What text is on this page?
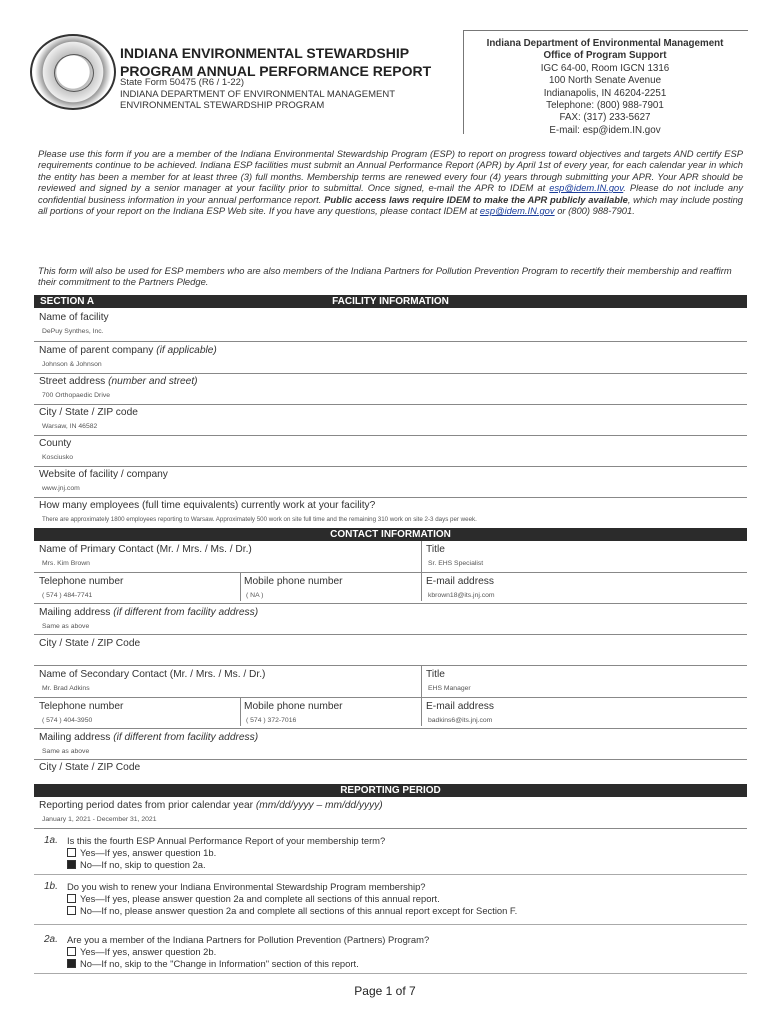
INDIANA ENVIRONMENTAL STEWARDSHIP
PROGRAM ANNUAL PERFORMANCE REPORT
State Form 50475 (R6 / 1-22)
INDIANA DEPARTMENT OF ENVIRONMENTAL MANAGEMENT
ENVIRONMENTAL STEWARDSHIP PROGRAM
Indiana Department of Environmental Management
Office of Program Support
IGC 64-00, Room IGCN 1316
100 North Senate Avenue
Indianapolis, IN 46204-2251
Telephone: (800) 988-7901
FAX: (317) 233-5627
E-mail: esp@idem.IN.gov
Please use this form if you are a member of the Indiana Environmental Stewardship Program (ESP) to report on progress toward objectives and targets AND certify ESP requirements continue to be achieved. Indiana ESP facilities must submit an Annual Performance Report (APR) by April 1st of every year, for each calendar year in which the entity has been a member for at least three (3) full months. Membership terms are renewed every four (4) years through submitting your APR. Your APR should be reviewed and signed by a senior manager at your facility prior to submittal. Once signed, e-mail the APR to IDEM at esp@idem.IN.gov. Please do not include any confidential business information in your annual performance report. Public access laws require IDEM to make the APR publicly available, which may include posting all portions of your report on the Indiana ESP Web site. If you have any questions, please contact IDEM at esp@idem.IN.gov or (800) 988-7901.
This form will also be used for ESP members who are also members of the Indiana Partners for Pollution Prevention Program to recertify their membership and reaffirm their commitment to the Partners Pledge.
FACILITY INFORMATION
SECTION A
Name of facility
DePuy Synthes, Inc.
Name of parent company (if applicable)
Johnson & Johnson
Street address (number and street)
700 Orthopaedic Drive
City / State / ZIP code
Warsaw, IN 46582
County
Kosciusko
Website of facility / company
www.jnj.com
How many employees (full time equivalents) currently work at your facility?
There are approximately 1800 employees reporting to Warsaw. Approximately 500 work on site full time and the remaining 310 work on site 2-3 days per week.
CONTACT INFORMATION
Name of Primary Contact (Mr. / Mrs. / Ms. / Dr.)
Mrs. Kim Brown
Title
Sr. EHS Specialist
Telephone number
( 574 ) 484-7741
Mobile phone number
( NA )
E-mail address
kbrown18@its.jnj.com
Mailing address (if different from facility address)
Same as above
City / State / ZIP Code
Name of Secondary Contact (Mr. / Mrs. / Ms. / Dr.)
Mr. Brad Adkins
Title
EHS Manager
Telephone number
( 574 ) 404-3950
Mobile phone number
( 574 ) 372-7016
E-mail address
badkins6@its.jnj.com
Mailing address (if different from facility address)
Same as above
City / State / ZIP Code
REPORTING PERIOD
Reporting period dates from prior calendar year (mm/dd/yyyy – mm/dd/yyyy)
January 1, 2021 - December 31, 2021
1a. Is this the fourth ESP Annual Performance Report of your membership term?
Yes—If yes, answer question 1b.
No—If no, skip to question 2a.
1b. Do you wish to renew your Indiana Environmental Stewardship Program membership?
Yes—If yes, please answer question 2a and complete all sections of this annual report.
No—If no, please answer question 2a and complete all sections of this annual report except for Section F.
2a. Are you a member of the Indiana Partners for Pollution Prevention (Partners) Program?
Yes—If yes, answer question 2b.
No—If no, skip to the "Change in Information" section of this report.
Page 1 of 7
